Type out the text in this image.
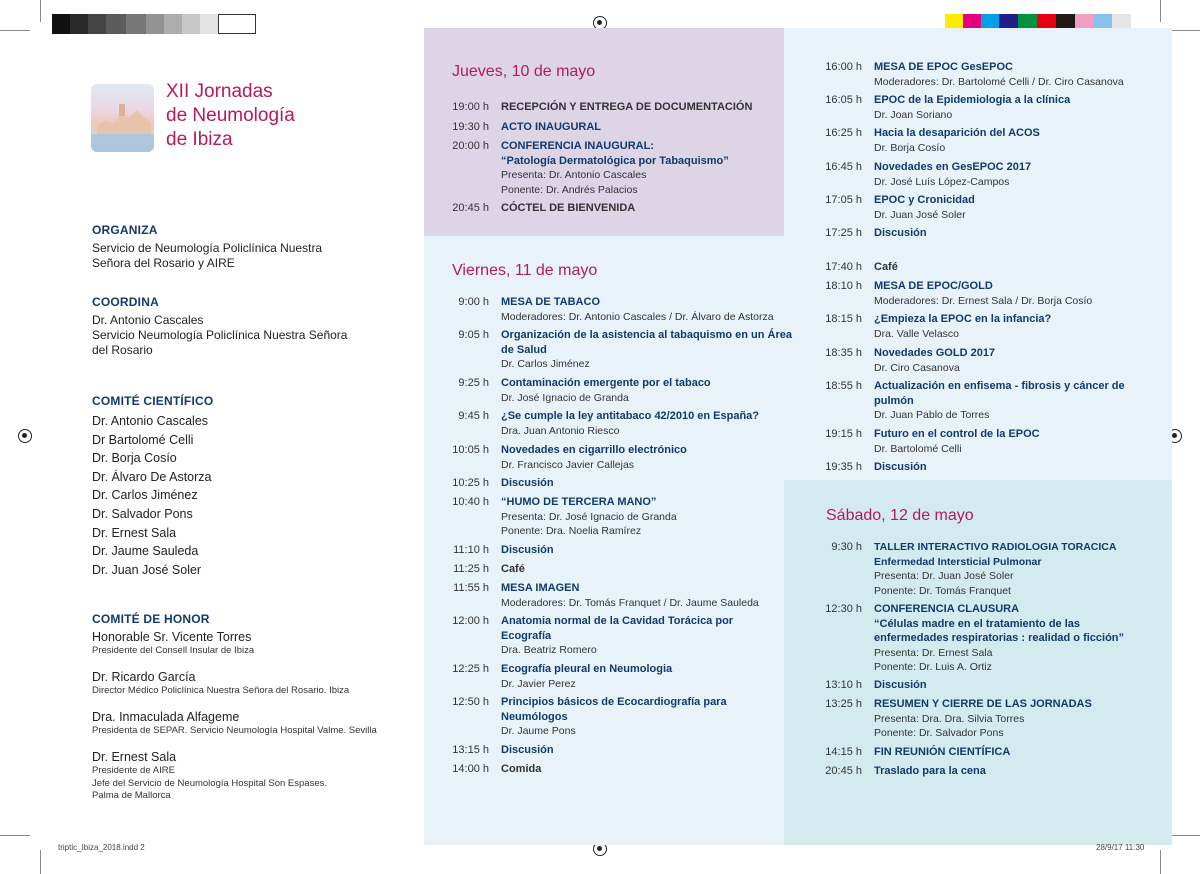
XII Jornadas
de Neumología
de Ibiza
ORGANIZA
Servicio de Neumología Policlínica Nuestra
Señora del Rosario y AIRE
COORDINA
Dr. Antonio Cascales
Servicio Neumología Policlínica Nuestra Señora
del Rosario
COMITÉ CIENTÍFICO
Dr. Antonio Cascales
Dr Bartolomé Celli
Dr. Borja Cosío
Dr. Álvaro De Astorza
Dr. Carlos Jiménez
Dr. Salvador Pons
Dr. Ernest Sala
Dr. Jaume Sauleda
Dr. Juan José Soler
COMITÉ DE HONOR
Honorable Sr. Vicente Torres
Presidente del Consell Insular de Ibiza
Dr. Ricardo García
Director Médico Policlínica Nuestra Señora del Rosario. Ibiza
Dra. Inmaculada Alfageme
Presidenta de SEPAR. Servicio Neumología Hospital Valme. Sevilla
Dr. Ernest Sala
Presidente de AIRE
Jefe del Servicio de Neumología Hospital Son Espases.
Palma de Mallorca
Jueves, 10 de mayo
19:00 h RECEPCIÓN Y ENTREGA DE DOCUMENTACIÓN
19:30 h ACTO INAUGURAL
20:00 h CONFERENCIA INAUGURAL:
“Patología Dermatológica por Tabaquismo”
Presenta: Dr. Antonio Cascales
Ponente: Dr. Andrés Palacios
20:45 h CÓCTEL DE BIENVENIDA
Viernes, 11 de mayo
9:00 h MESA DE TABACO
Moderadores: Dr. Antonio Cascales / Dr. Álvaro de Astorza
9:05 h Organización de la asistencia al tabaquismo en un Área
de Salud
Dr. Carlos Jiménez
9:25 h Contaminación emergente por el tabaco
Dr. José Ignacio de Granda
9:45 h ¿Se cumple la ley antitabaco 42/2010 en España?
Dra. Juan Antonio Riesco
10:05 h Novedades en cigarrillo electrónico
Dr. Francisco Javier Callejas
10:25 h Discusión
10:40 h “HUMO DE TERCERA MANO”
Presenta: Dr. José Ignacio de Granda
Ponente: Dra. Noelia Ramírez
11:10 h Discusión
11:25 h Café
11:55 h MESA IMAGEN
Moderadores: Dr. Tomás Franquet / Dr. Jaume Sauleda
12:00 h Anatomia normal de la Cavidad Torácica por
Ecografía
Dra. Beatriz Romero
12:25 h Ecografía pleural en Neumologia
Dr. Javier Perez
12:50 h Principios básicos de Ecocardiografía para
Neumólogos
Dr. Jaume Pons
13:15 h Discusión
14:00 h Comida
16:00 h MESA DE EPOC GesEPOC
Moderadores: Dr. Bartolomé Celli / Dr. Ciro Casanova
16:05 h EPOC de la Epidemiologia a la clínica
Dr. Joan Soriano
16:25 h Hacia la desaparición del ACOS
Dr. Borja Cosío
16:45 h Novedades en GesEPOC 2017
Dr. José Luís López-Campos
17:05 h EPOC y Cronicidad
Dr. Juan José Soler
17:25 h Discusión
17:40 h Café
18:10 h MESA DE EPOC/GOLD
Moderadores: Dr. Ernest Sala / Dr. Borja Cosío
18:15 h ¿Empieza la EPOC en la infancia?
Dra. Valle Velasco
18:35 h Novedades GOLD 2017
Dr. Ciro Casanova
18:55 h Actualización en enfisema - fibrosis y cáncer de
pulmón
Dr. Juan Pablo de Torres
19:15 h Futuro en el control de la EPOC
Dr. Bartolomé Celli
19:35 h Discusión
Sábado, 12 de mayo
9:30 h TALLER INTERACTIVO RADIOLOGIA TORACICA
Enfermedad Intersticial Pulmonar
Presenta: Dr. Juan José Soler
Ponente: Dr. Tomás Franquet
12:30 h CONFERENCIA CLAUSURA
“Células madre en el tratamiento de las
enfermedades respiratorias : realidad o ficción”
Presenta: Dr. Ernest Sala
Ponente: Dr. Luis A. Ortiz
13:10 h Discusión
13:25 h RESUMEN Y CIERRE DE LAS JORNADAS
Presenta: Dra. Dra. Silvia Torres
Ponente: Dr. Salvador Pons
14:15 h FIN REUNIÓN CIENTÍFICA
20:45 h Traslado para la cena
triptic_Ibiza_2018.indd 2	28/9/17 11:30
